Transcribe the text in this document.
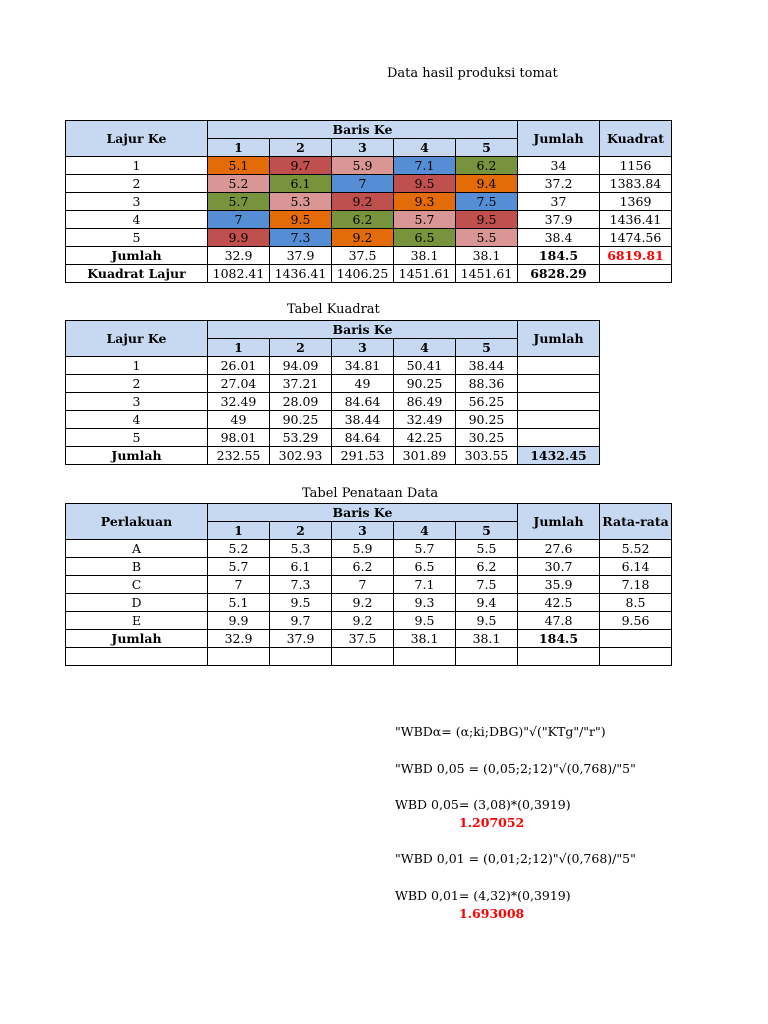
Data hasil produksi tomat
Lajur Ke	Baris Ke					Jumlah	Kuadrat
	1	2	3	4	5		
1	5.1	9.7	5.9	7.1	6.2	34	1156
2	5.2	6.1	7	9.5	9.4	37.2	1383.84
3	5.7	5.3	9.2	9.3	7.5	37	1369
4	7	9.5	6.2	5.7	9.5	37.9	1436.41
5	9.9	7.3	9.2	6.5	5.5	38.4	1474.56
Jumlah	32.9	37.9	37.5	38.1	38.1	184.5	6819.81
Kuadrat Lajur	1082.41	1436.41	1406.25	1451.61	1451.61	6828.29	
Tabel Kuadrat
Lajur Ke	Baris Ke					Jumlah
	1	2	3	4	5	
1	26.01	94.09	34.81	50.41	38.44	
2	27.04	37.21	49	90.25	88.36	
3	32.49	28.09	84.64	86.49	56.25	
4	49	90.25	38.44	32.49	90.25	
5	98.01	53.29	84.64	42.25	30.25	
Jumlah	232.55	302.93	291.53	301.89	303.55	1432.45
Tabel Penataan Data
Perlakuan	Baris Ke					Jumlah	Rata-rata
	1	2	3	4	5		
A	5.2	5.3	5.9	5.7	5.5	27.6	5.52
B	5.7	6.1	6.2	6.5	6.2	30.7	6.14
C	7	7.3	7	7.1	7.5	35.9	7.18
D	5.1	9.5	9.2	9.3	9.4	42.5	8.5
E	9.9	9.7	9.2	9.5	9.5	47.8	9.56
Jumlah	32.9	37.9	37.5	38.1	38.1	184.5	

"WBDα= (α;ki;DBG)"√("KTg"/"r")
"WBD 0,05 = (0,05;2;12)"√(0,768)/"5"
WBD 0,05= (3,08)*(0,3919)
1.207052
"WBD 0,01 = (0,01;2;12)"√(0,768)/"5"
WBD 0,01= (4,32)*(0,3919)
1.693008
